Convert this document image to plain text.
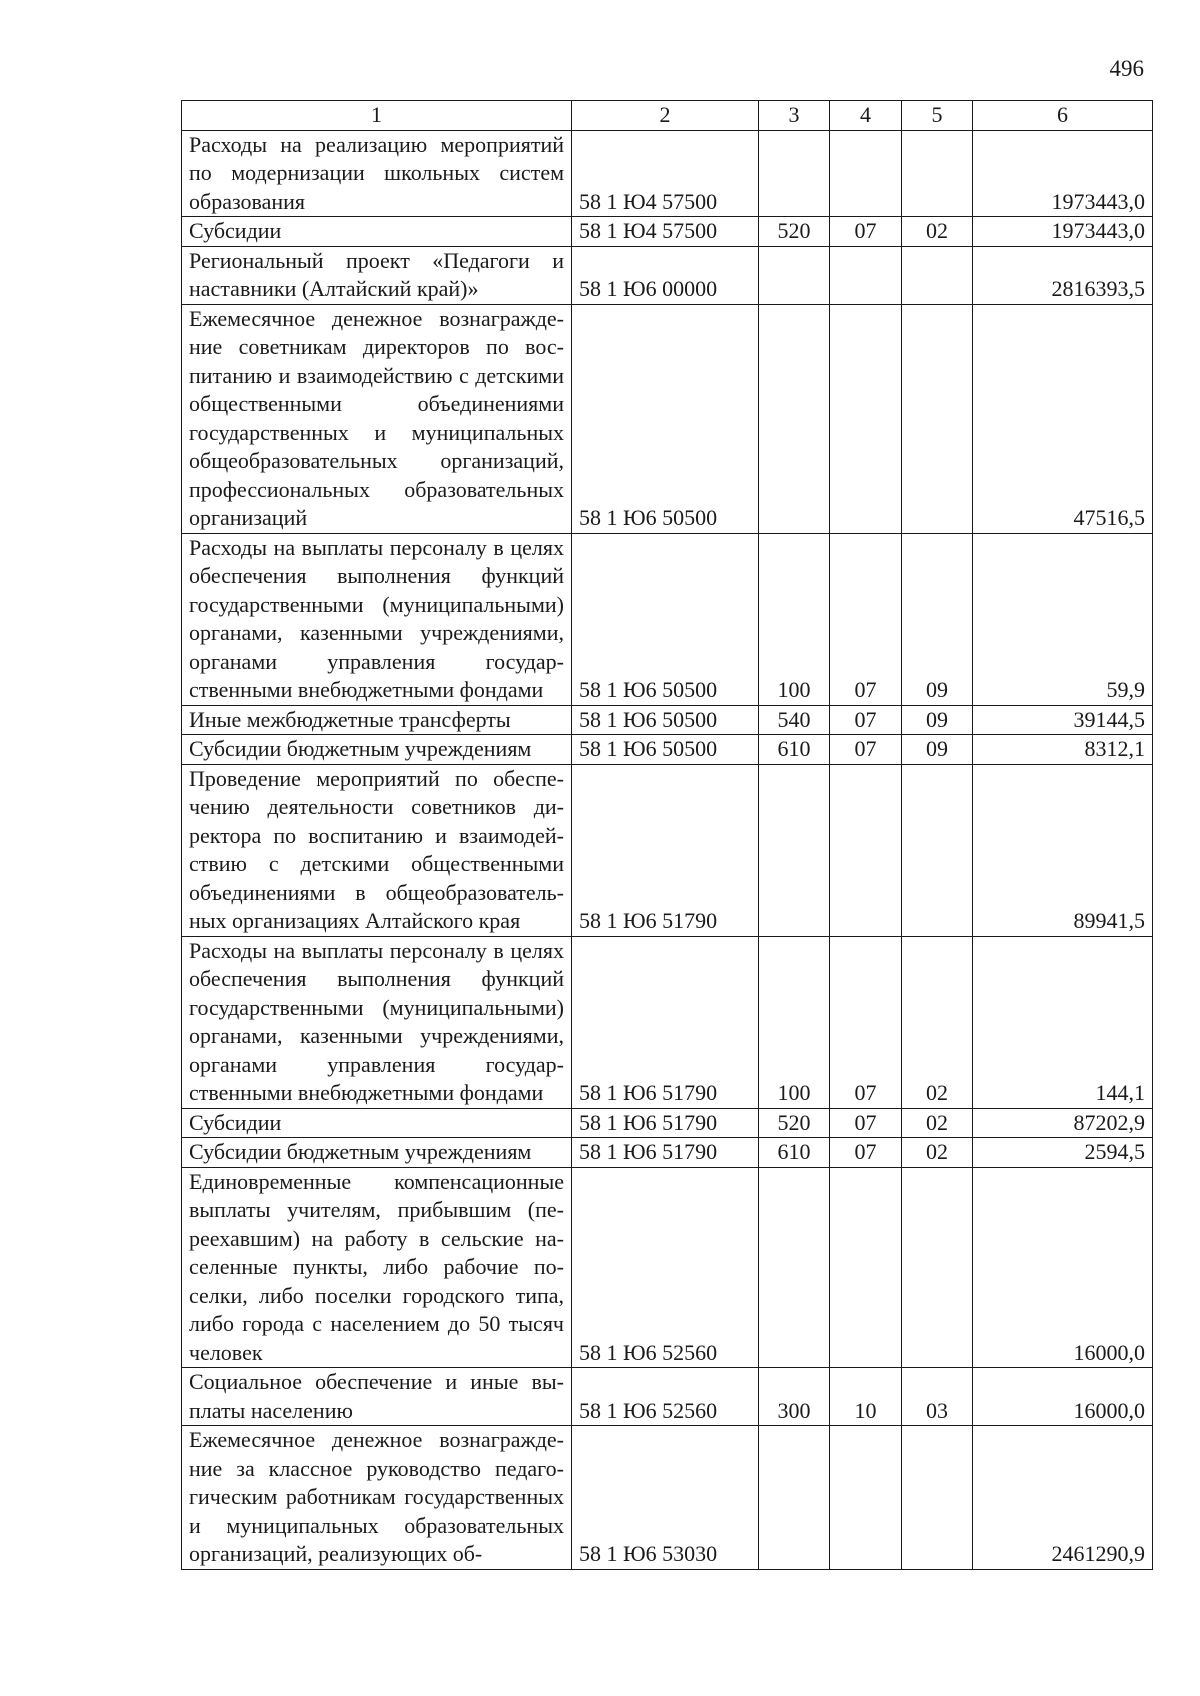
496
1	2	3	4	5	6
Расходы на реализацию мероприятий по модернизации школьных систем образования	58 1 Ю4 57500				1973443,0
Субсидии	58 1 Ю4 57500	520	07	02	1973443,0
Региональный проект «Педагоги и наставники (Алтайский край)»	58 1 Ю6 00000				2816393,5
Ежемесячное денежное вознаграждение советникам директоров по воспитанию и взаимодействию с детскими общественными объединениями государственных и муниципальных общеобразовательных организаций, профессиональных образовательных организаций	58 1 Ю6 50500				47516,5
Расходы на выплаты персоналу в целях обеспечения выполнения функций государственными (муниципальными) органами, казенными учреждениями, органами управления государственными внебюджетными фондами	58 1 Ю6 50500	100	07	09	59,9
Иные межбюджетные трансферты	58 1 Ю6 50500	540	07	09	39144,5
Субсидии бюджетным учреждениям	58 1 Ю6 50500	610	07	09	8312,1
Проведение мероприятий по обеспечению деятельности советников директора по воспитанию и взаимодействию с детскими общественными объединениями в общеобразовательных организациях Алтайского края	58 1 Ю6 51790				89941,5
Расходы на выплаты персоналу в целях обеспечения выполнения функций государственными (муниципальными) органами, казенными учреждениями, органами управления государственными внебюджетными фондами	58 1 Ю6 51790	100	07	02	144,1
Субсидии	58 1 Ю6 51790	520	07	02	87202,9
Субсидии бюджетным учреждениям	58 1 Ю6 51790	610	07	02	2594,5
Единовременные компенсационные выплаты учителям, прибывшим (переехавшим) на работу в сельские населенные пункты, либо рабочие поселки, либо поселки городского типа, либо города с населением до 50 тысяч человек	58 1 Ю6 52560				16000,0
Социальное обеспечение и иные выплаты населению	58 1 Ю6 52560	300	10	03	16000,0
Ежемесячное денежное вознаграждение за классное руководство педагогическим работникам государственных и муниципальных образовательных организаций, реализующих об-	58 1 Ю6 53030				2461290,9
